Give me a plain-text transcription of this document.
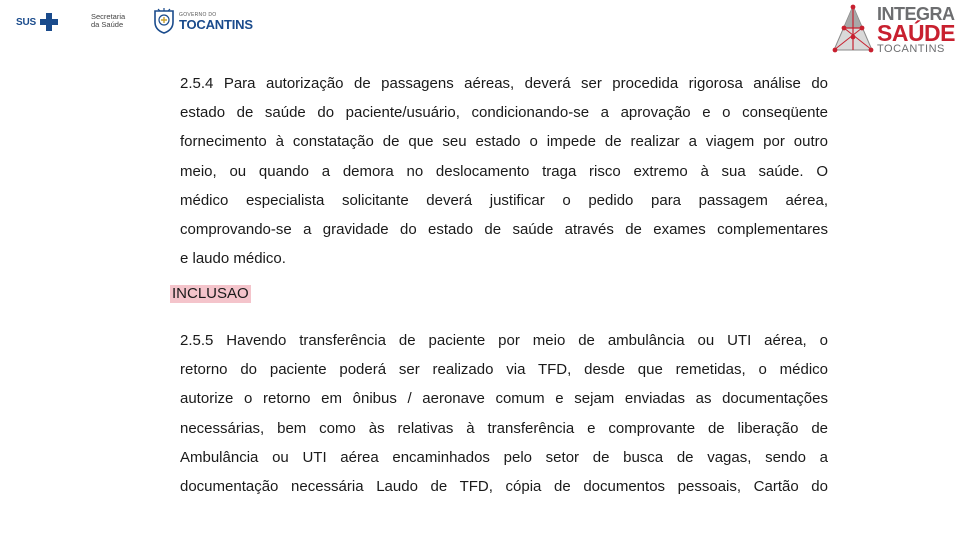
SUS	Secretaria
da Saúde
GOVERNO DO
TOCANTINS	INTEGRA
SAÚDE
TOCANTINS
2.5.4 Para autorização de passagens aéreas, deverá ser procedida rigorosa análise do
estado de saúde do paciente/usuário, condicionando-se a aprovação e o conseqüente
fornecimento à constatação de que seu estado o impede de realizar a viagem por outro
meio, ou quando a demora no deslocamento traga risco extremo à sua saúde. O
médico especialista solicitante deverá justificar o pedido para passagem aérea,
comprovando-se a gravidade do estado de saúde através de exames complementares
e laudo médico.
INCLUSAO
2.5.5 Havendo transferência de paciente por meio de ambulância ou UTI aérea, o
retorno do paciente poderá ser realizado via TFD, desde que remetidas, o médico
autorize o retorno em ônibus / aeronave comum e sejam enviadas as documentações
necessárias, bem como às relativas à transferência e comprovante de liberação de
Ambulância ou UTI aérea encaminhados pelo setor de busca de vagas, sendo a
documentação necessária Laudo de TFD, cópia de documentos pessoais, Cartão do
